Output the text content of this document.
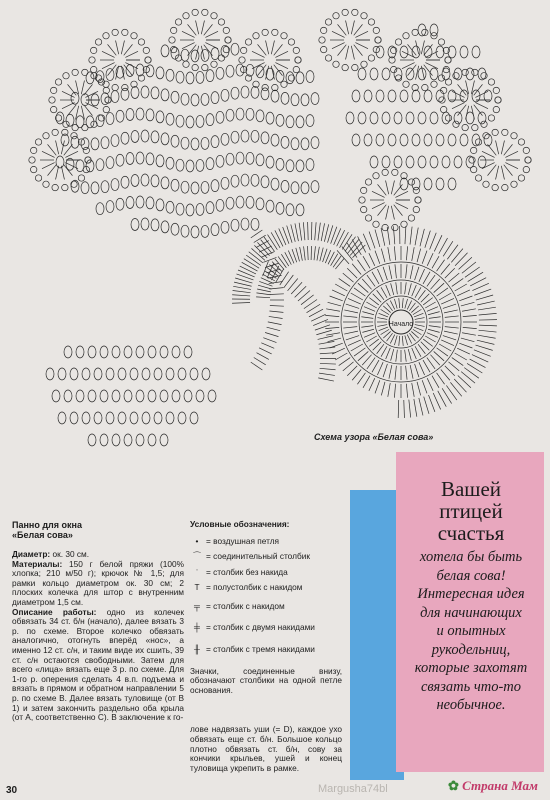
Начало
Схема узора «Белая сова»
Вашей
птицей
счастья
хотела бы быть
белая сова!
Интересная идея
для начинающих
и опытных
рукодельниц,
которые захотят
связать что-то
необычное.
Панно для окна
«Белая сова»

Диаметр: ок. 30 см.

Материалы: 150 г белой пряжи (100% хлопка; 210 м/50 г); крючок № 1,5; для рамки кольцо диаметром ок. 30 см; 2 плоских колечка для штор с внутренним диаметром 1,5 см.

Описание работы: одно из колечек обвязать 34 ст. б/н (начало), далее вязать 3 р. по схеме. Второе колечко обвязать аналогично, отогнуть вперёд «нос», а именно 12 ст. с/н, и таким виде их сшить, 39 ст. с/н остаются свободными. Затем для всего «лица» вязать еще 3 р. по схеме. Для 1-го р. оперения сделать 4 в.п. подъема и вязать в прямом и обратном направлении 5 р. по схеме В. Далее вязать туловище (от В 1) и затем закончить раздельно оба крыла (от А, соответственно С). В заключение к го-

Условные обозначения:
• = воздушная петля
⌒ = соединительный столбик
ˈ = столбик без накида
T = полустолбик с накидом
╤ = столбик с накидом
╪ = столбик с двумя накидами
╫ = столбик с тремя накидами

Значки, соединенные внизу, обозначают столбики на одной петле основания.

лове надвязать уши (= D), каждое ухо обвязать еще ст. б/н. Большое кольцо плотно обвязать ст. б/н, сову за кончики крыльев, ушей и конец туловища укрепить в рамке.

30	Margusha74bl	✿ Страна Мам
